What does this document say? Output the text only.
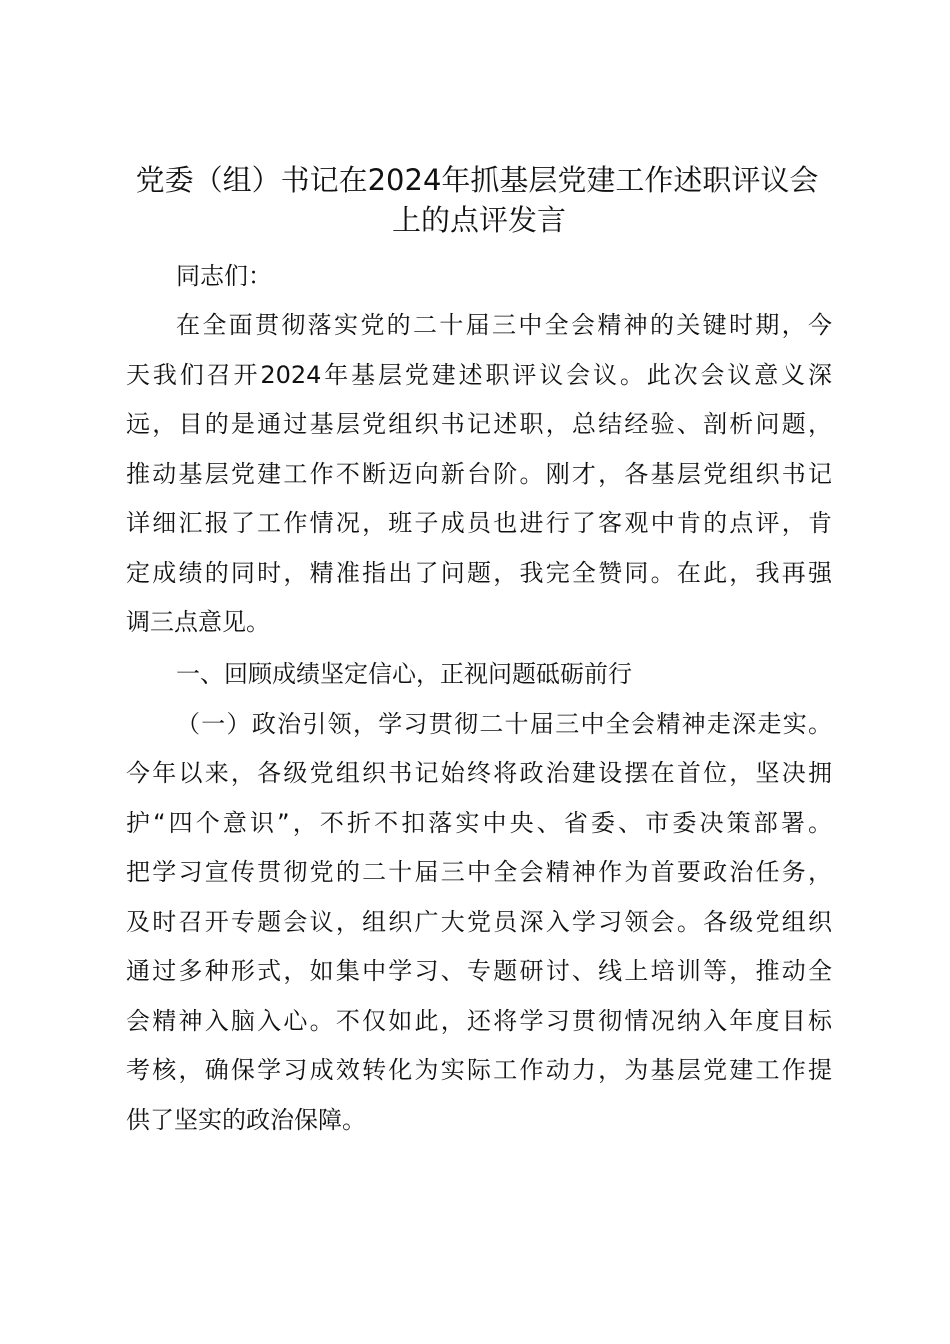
党委（组）书记在2024年抓基层党建工作述职评议会
上的点评发言

同志们：

在全面贯彻落实党的二十届三中全会精神的关键时期，今
天我们召开2024年基层党建述职评议会议。此次会议意义深
远，目的是通过基层党组织书记述职，总结经验、剖析问题，
推动基层党建工作不断迈向新台阶。刚才，各基层党组织书记
详细汇报了工作情况，班子成员也进行了客观中肯的点评，肯
定成绩的同时，精准指出了问题，我完全赞同。在此，我再强
调三点意见。
一、回顾成绩坚定信心，正视问题砥砺前行
（一）政治引领，学习贯彻二十届三中全会精神走深走实。
今年以来，各级党组织书记始终将政治建设摆在首位，坚决拥
护“四个意识”，不折不扣落实中央、省委、市委决策部署。
把学习宣传贯彻党的二十届三中全会精神作为首要政治任务，
及时召开专题会议，组织广大党员深入学习领会。各级党组织
通过多种形式，如集中学习、专题研讨、线上培训等，推动全
会精神入脑入心。不仅如此，还将学习贯彻情况纳入年度目标
考核，确保学习成效转化为实际工作动力，为基层党建工作提
供了坚实的政治保障。
